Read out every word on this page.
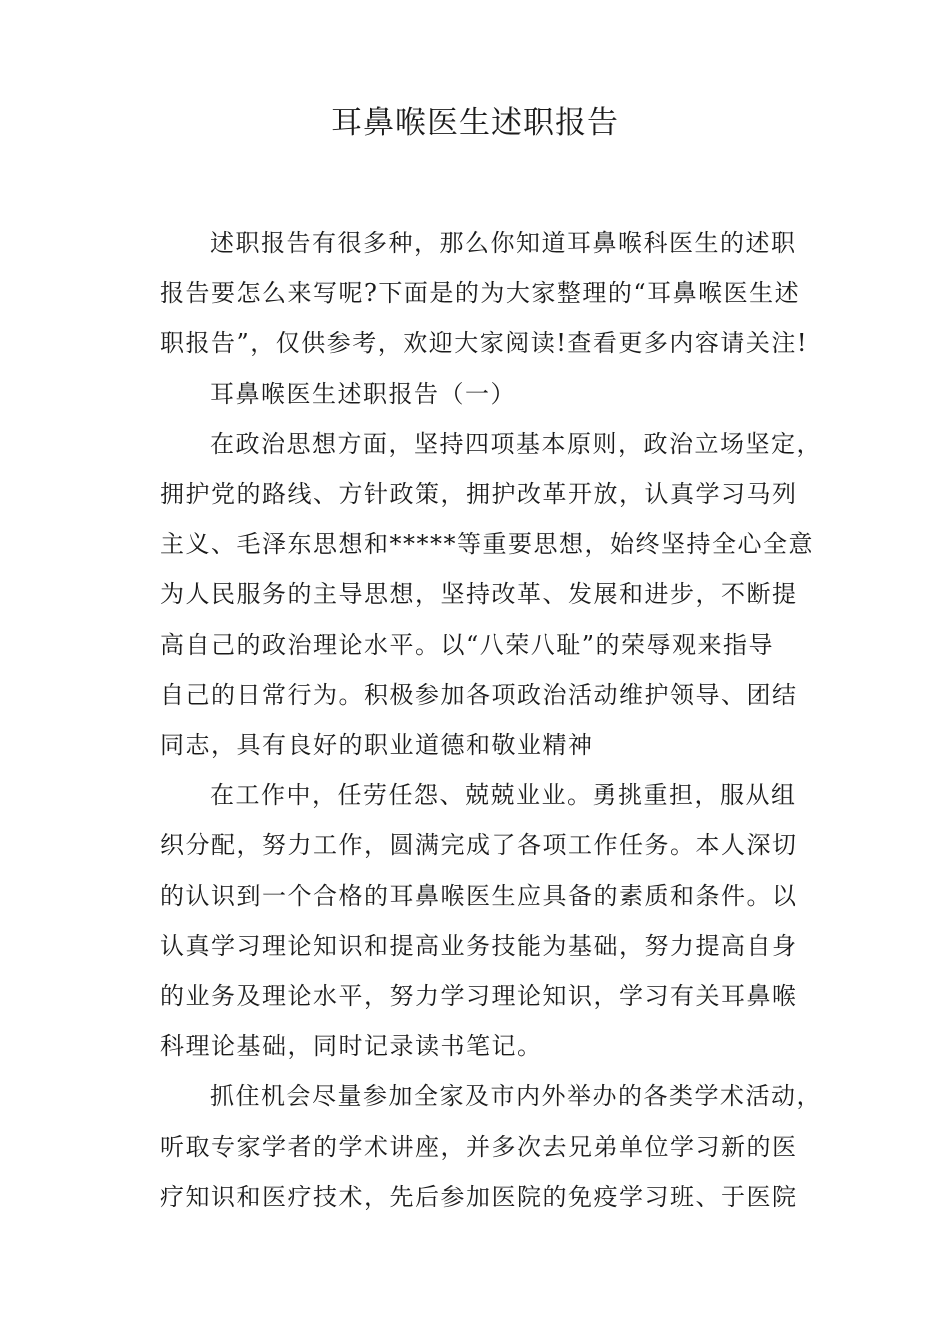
耳鼻喉医生述职报告

述职报告有很多种，那么你知道耳鼻喉科医生的述职
报告要怎么来写呢?下面是的为大家整理的“耳鼻喉医生述
职报告”，仅供参考，欢迎大家阅读!查看更多内容请关注!

耳鼻喉医生述职报告（一）

在政治思想方面，坚持四项基本原则，政治立场坚定，
拥护党的路线、方针政策，拥护改革开放，认真学习马列
主义、毛泽东思想和*****等重要思想，始终坚持全心全意
为人民服务的主导思想，坚持改革、发展和进步，不断提
高自己的政治理论水平。以“八荣八耻”的荣辱观来指导
自己的日常行为。积极参加各项政治活动维护领导、团结
同志，具有良好的职业道德和敬业精神

在工作中，任劳任怨、兢兢业业。勇挑重担，服从组
织分配，努力工作，圆满完成了各项工作任务。本人深切
的认识到一个合格的耳鼻喉医生应具备的素质和条件。以
认真学习理论知识和提高业务技能为基础，努力提高自身
的业务及理论水平，努力学习理论知识，学习有关耳鼻喉
科理论基础，同时记录读书笔记。

抓住机会尽量参加全家及市内外举办的各类学术活动，
听取专家学者的学术讲座，并多次去兄弟单位学习新的医
疗知识和医疗技术，先后参加医院的免疫学习班、于医院
